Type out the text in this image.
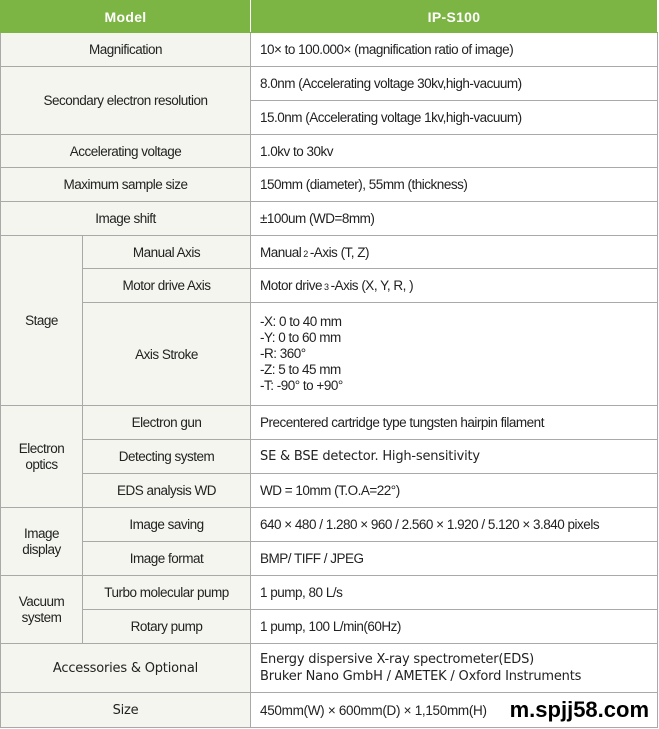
Model		IP-S100
Magnification		10× to 100.000× (magnification ratio of image)
Secondary electron resolution		8.0nm (Accelerating voltage 30kv,high-vacuum)
		15.0nm (Accelerating voltage 1kv,high-vacuum)
Accelerating voltage		1.0kv to 30kv
Maximum sample size		150mm (diameter), 55mm (thickness)
Image shift		±100um (WD=8mm)
Stage	Manual Axis	Manual 2 -Axis (T, Z)
	Motor drive Axis	Motor drive 3 -Axis (X, Y, R, )
	Axis Stroke	-X: 0 to 40 mm
-Y: 0 to 60 mm
-R: 360°
-Z: 5 to 45 mm
-T: -90° to +90°

Electron
optics	Electron gun	Precentered cartridge type tungsten hairpin filament
	Detecting system	SE & BSE detector. High-sensitivity
	EDS analysis WD	WD = 10mm (T.O.A=22°)

Image
display	Image saving	640 × 480 / 1.280 × 960 / 2.560 × 1.920 / 5.120 × 3.840 pixels
	Image format	BMP/ TIFF / JPEG

Vacuum
system	Turbo molecular pump	1 pump, 80 L/s
	Rotary pump	1 pump, 100 L/min(60Hz)
Accessories & Optional		Energy dispersive X-ray spectrometer(EDS)
Bruker Nano GmbH / AMETEK / Oxford Instruments

Size		450mm(W) × 600mm(D) × 1,150mm(H) m.spjj58.com
